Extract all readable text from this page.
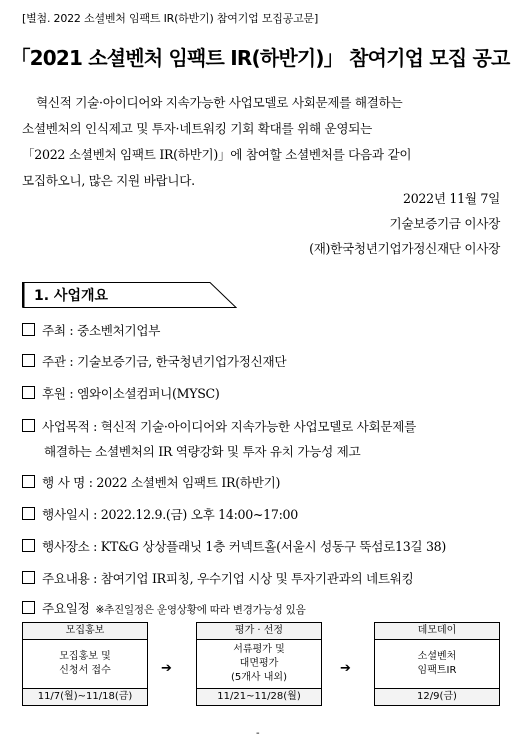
[별첨. 2022 소셜벤처 임팩트 IR(하반기) 참여기업 모집공고문]
「2021 소셜벤처 임팩트 IR(하반기)」 참여기업 모집 공고
혁신적 기술·아이디어와 지속가능한 사업모델로 사회문제를 해결하는
소셜벤처의 인식제고 및 투자·네트워킹 기회 확대를 위해 운영되는
「2022 소셜벤처 임팩트 IR(하반기)」에 참여할 소셜벤처를 다음과 같이
모집하오니, 많은 지원 바랍니다.
2022년 11월 7일
기술보증기금 이사장
(재)한국청년기업가정신재단 이사장
1. 사업개요
주최 : 중소벤처기업부
주관 : 기술보증기금, 한국청년기업가정신재단
후원 : 엠와이소셜컴퍼니(MYSC)
사업목적 : 혁신적 기술·아이디어와 지속가능한 사업모델로 사회문제를
해결하는 소셜벤처의 IR 역량강화 및 투자 유치 가능성 제고
행 사 명 : 2022 소셜벤처 임팩트 IR(하반기)
행사일시 : 2022.12.9.(금) 오후 14:00~17:00
행사장소 : KT&G 상상플래닛 1층 커넥트홀(서울시 성동구 뚝섬로13길 38)
주요내용 : 참여기업 IR피칭, 우수기업 시상 및 투자기관과의 네트워킹
주요일정 ※추진일정은 운영상황에 따라 변경가능성 있음
모집홍보
모집홍보 및
신청서 접수
11/7(월)~11/18(금)
➔
평가 · 선정
서류평가 및
대면평가
(5개사 내외)
11/21~11/28(월)
➔
데모데이
소셜벤처
임팩트IR
12/9(금)
-
